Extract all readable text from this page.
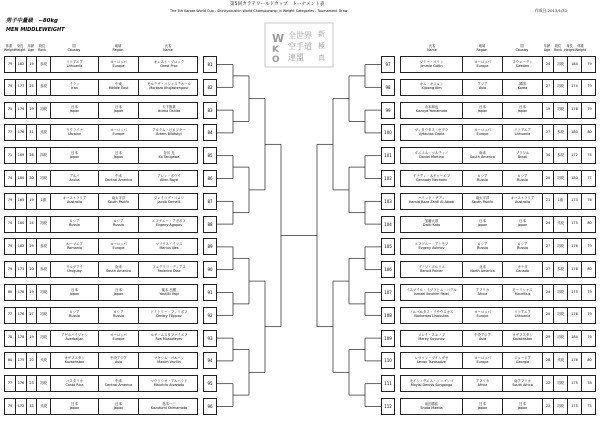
第5回カラテワールドカップ　トーナメント表
The 5th Karate World Cup - Shinkyokushin World Championship in Weight Categories - Tournament Draw	作成日:2013/1/31
男子中量級　−80kg
MEN MIDDLEWEIGHT
W
K
O
全世界
空手道
連盟
新
極
真
体重
Weight
身長
Height
年齢
Age
段位
Rank
国
Country
地域
Region
氏名
Name
氏名
Name
地域
Region
国
Country
年齢
Age
段位
Rank
身長
Height
体重
Weight
79	182	19	参段	リトアニア
Lithuania
ヨーロッパ
Europe
オレスト・ブロック
Orest Proc	81
79	177	25	参段	イラン
Iran
中東
Middle East
モルテザ・コジャステホール
Morteza Khojastehpour	82
75	174	19	初段	日本
Japan
日本
Japan
天下都真
Ikuma Oshita	83
77	176	31	弐段	ウクライナ
Ukraine
ヨーロッパ
Europe
アルテム・ビロツキー
Artem Bilotskyi	84
71	169	28	四段	日本
Japan
日本
Japan
谷川 光
Ko Tanigawa	85
74	180	30	初段	アルバ
Aruba
中米
Central America
アレン・ボウイ
Allen Boye	86
79	165	19	1級	オーストラリア
Australia
南太平洋
South Pacific
ジェイコブ・コメリ
Jacob Comelli	87
74	180	24	初段	ロシア
Russia
ロシア
Russia
エフゲニー・アガポフ
Evgeny Agapov	88
79	182	29	参段	ルーマニア
Romania
ヨーロッパ
Europe
マリウス・イリス
Marius Ilies	89
79	173	20	参段	ウルグアイ
Uruguay
南米
South America
フェデリコ・ディアス
Federico Diaz	90
80	178	19	初段	日本
Japan
日本
Japan
薬本 良樹
Yoshiki Yagi	91
77	176	27	初段	ロシア
Russia
ロシア
Russia
ドミトリー・フィリポフ
Dmitry Filippov	92
78	178	19	初段	アゼルバイジャン
Azerbaijan
ヨーロッパ
Europe
ルザ・ムスタファイエフ
Rza Mustafayev	93
80	175	20	弐段	カザフスタン
Kazakhstan
中央アジア
Asia
マキシム・パルバン
Maxim Vavilin	94
77	176	23	初段	コスタリカ
Costa Rica
中米
Central America
マウリシオ・アルバラド
Mauricio Alvarado	95
79	172	33	弐段	日本
Japan
日本
Japan
島本一三
Kazufumi Shimamoto	96
97
ジミー・コリン
Jimmie Collin
ヨーロッパ
Europe
スウェーデン
Sweden	24	初段	184	79
98
キム・キジュン
Kijoong Kim
アジア
Asia
韓国
Korea	27	初段	174	79
99
山本和也
Kazuya Yamamoto
日本
Japan
日本
Japan	19	初段	178	79
100
ヴィタウタス・ゼプラ
Vytautas Cepla
ヨーロッパ
Europe
リトアニア
Lithuania	27	参段	180	80
101
ダニエル・マルティノ
Daniel Martino
南米
South America
ブラジル
Brazil	34	参段	172	74
102
ゲナディ・ネチャーエフ
Gennady Nechaev
ロシア
Russia
ロシア
Russia	20	初段	180	77
103
ハミッド・ザディ
Hamid Raza Zardi Al Abadi
南太平洋
South Pacific
オーストラリア
Australia	21	1級	173	76
104
加藤大基
Daiki Kato
日本
Japan
日本
Japan	24	弐段	175	80
105
エフゲニー・アシモフ
Evgeny Asimov
ロシア
Russia
ロシア
Russia	27	初段	176	79
106
ブノワ・ポルリエ
Benoit Poirier
北米
North America
カナダ
Canada	27	参段	178	80
107
イスマイル・イブラヒム・バテル
Ismael Ibrahim Patel
アフリカ
Africa
モーリシャス
Mauritius	24	初段	175	79
108
ノルベルタス・リサウスカス
Norbertas Lisauskas
ヨーロッパ
Europe
リトアニア
Lithuania	20	初段	176	79
109
メレイ・スユノフ
Merey Suyunov
中央アジア
Asia
カザフスタン
Kazakhstan	29	初段	184	79
110
レヴァン・ツインザゼ
Levan Tsintsadze
ヨーロッパ
Europe
ジョージア
Georgia	28	弐段	176	80
111
モイシ・デニス・ソンゴンゴ
Moyisi Dennis Songongo
アフリカ
Africa
南アフリカ
South Africa	22	初段	175	78
112
前田勝紘
Shota Maeda
日本
Japan
日本
Japan	22	初段	175	75
